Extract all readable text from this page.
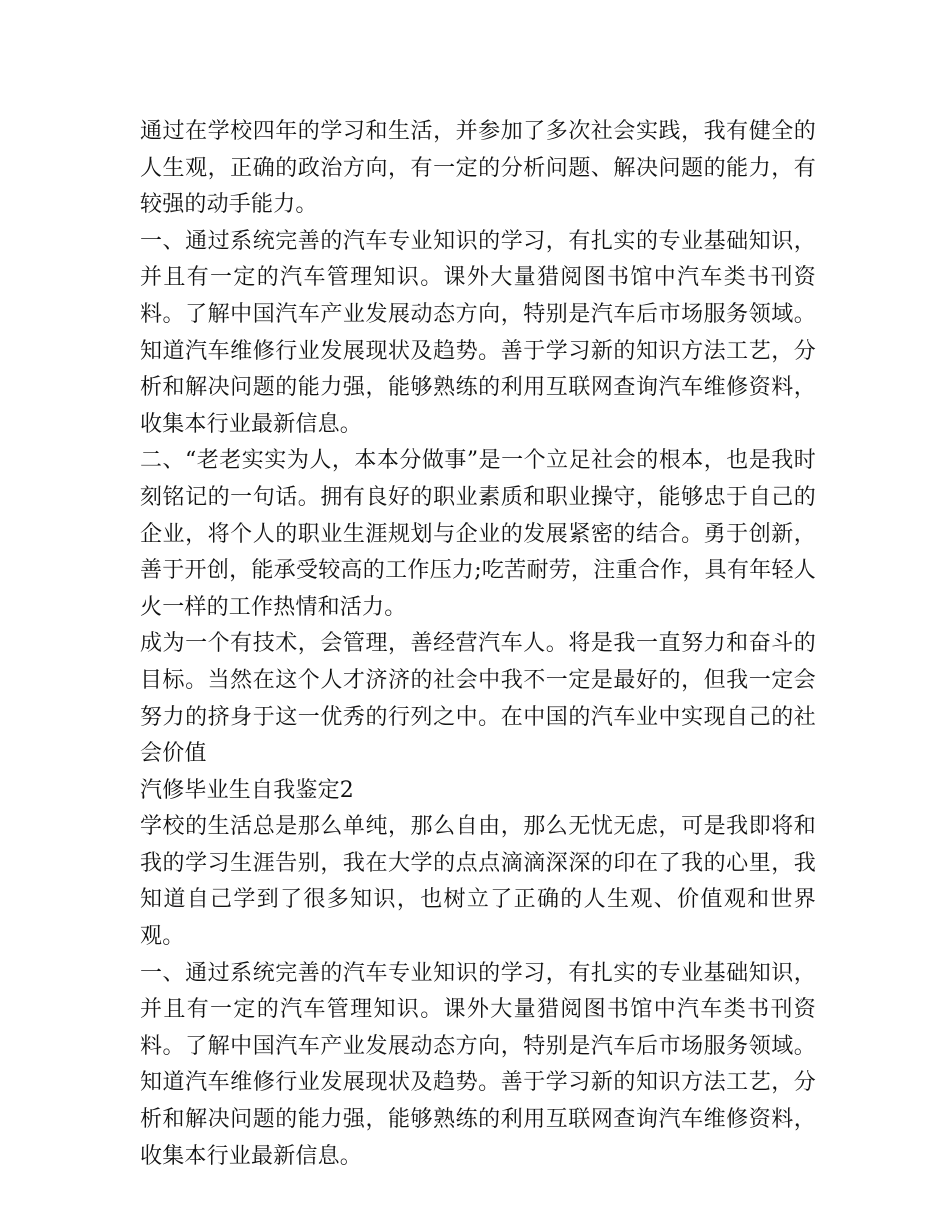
通过在学校四年的学习和生活，并参加了多次社会实践，我有健全的人生观，正确的政治方向，有一定的分析问题、解决问题的能力，有较强的动手能力。

一、通过系统完善的汽车专业知识的学习，有扎实的专业基础知识，并且有一定的汽车管理知识。课外大量猎阅图书馆中汽车类书刊资料。了解中国汽车产业发展动态方向，特别是汽车后市场服务领域。知道汽车维修行业发展现状及趋势。善于学习新的知识方法工艺，分析和解决问题的能力强，能够熟练的利用互联网查询汽车维修资料，收集本行业最新信息。

二、“老老实实为人，本本分做事”是一个立足社会的根本，也是我时刻铭记的一句话。拥有良好的职业素质和职业操守，能够忠于自己的企业，将个人的职业生涯规划与企业的发展紧密的结合。勇于创新，善于开创，能承受较高的工作压力;吃苦耐劳，注重合作，具有年轻人火一样的工作热情和活力。

成为一个有技术，会管理，善经营汽车人。将是我一直努力和奋斗的目标。当然在这个人才济济的社会中我不一定是最好的，但我一定会努力的挤身于这一优秀的行列之中。在中国的汽车业中实现自己的社会价值

汽修毕业生自我鉴定2

学校的生活总是那么单纯，那么自由，那么无忧无虑，可是我即将和我的学习生涯告别，我在大学的点点滴滴深深的印在了我的心里，我知道自己学到了很多知识，也树立了正确的人生观、价值观和世界观。

一、通过系统完善的汽车专业知识的学习，有扎实的专业基础知识，并且有一定的汽车管理知识。课外大量猎阅图书馆中汽车类书刊资料。了解中国汽车产业发展动态方向，特别是汽车后市场服务领域。知道汽车维修行业发展现状及趋势。善于学习新的知识方法工艺，分析和解决问题的能力强，能够熟练的利用互联网查询汽车维修资料，收集本行业最新信息。
